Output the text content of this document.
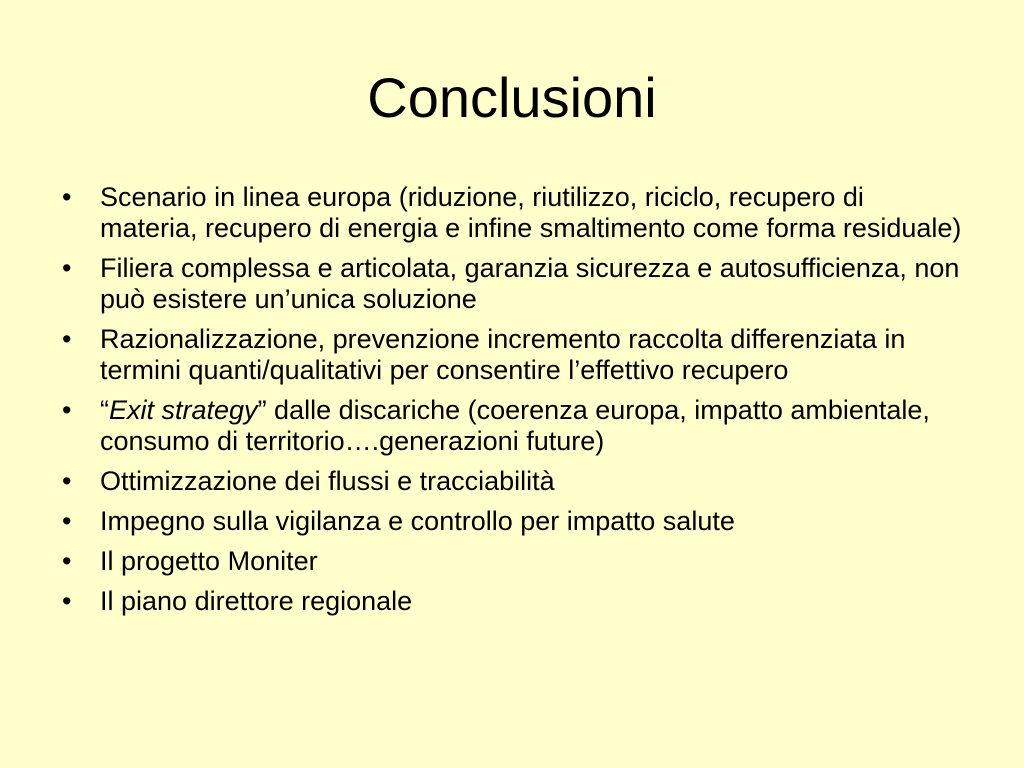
Conclusioni
•	Scenario in linea europa (riduzione, riutilizzo, riciclo, recupero di materia, recupero di energia e infine smaltimento come forma residuale)
•	Filiera complessa e articolata, garanzia sicurezza e autosufficienza, non può esistere un’unica soluzione
•	Razionalizzazione, prevenzione incremento raccolta differenziata in termini quanti/qualitativi per consentire l’effettivo recupero
•	“Exit strategy” dalle discariche (coerenza europa, impatto ambientale, consumo di territorio….generazioni future)
•	Ottimizzazione dei flussi e tracciabilità
•	Impegno sulla vigilanza e controllo per impatto salute
•	Il progetto Moniter
•	Il piano direttore regionale
